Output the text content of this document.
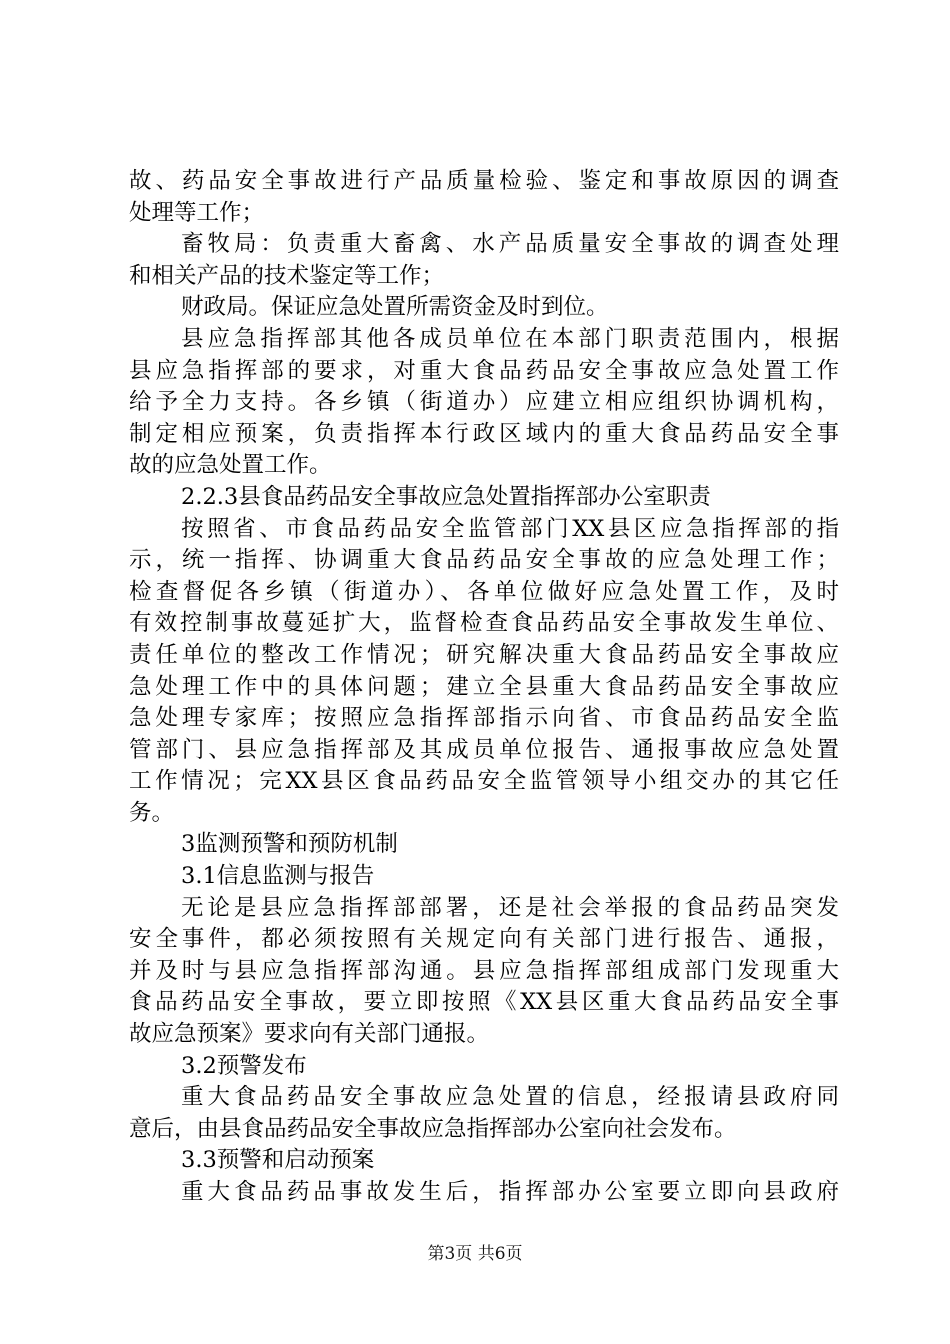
故、药品安全事故进行产品质量检验、鉴定和事故原因的调查
处理等工作；
畜牧局：负责重大畜禽、水产品质量安全事故的调查处理
和相关产品的技术鉴定等工作；
财政局。保证应急处置所需资金及时到位。
县应急指挥部其他各成员单位在本部门职责范围内，根据
县应急指挥部的要求，对重大食品药品安全事故应急处置工作
给予全力支持。各乡镇（街道办）应建立相应组织协调机构，
制定相应预案，负责指挥本行政区域内的重大食品药品安全事
故的应急处置工作。
2.2.3县食品药品安全事故应急处置指挥部办公室职责
按照省、市食品药品安全监管部门XX县区应急指挥部的指
示，统一指挥、协调重大食品药品安全事故的应急处理工作；
检查督促各乡镇（街道办）、各单位做好应急处置工作，及时
有效控制事故蔓延扩大，监督检查食品药品安全事故发生单位、
责任单位的整改工作情况；研究解决重大食品药品安全事故应
急处理工作中的具体问题；建立全县重大食品药品安全事故应
急处理专家库；按照应急指挥部指示向省、市食品药品安全监
管部门、县应急指挥部及其成员单位报告、通报事故应急处置
工作情况；完XX县区食品药品安全监管领导小组交办的其它任
务。
3监测预警和预防机制
3.1信息监测与报告
无论是县应急指挥部部署，还是社会举报的食品药品突发
安全事件，都必须按照有关规定向有关部门进行报告、通报，
并及时与县应急指挥部沟通。县应急指挥部组成部门发现重大
食品药品安全事故，要立即按照《XX县区重大食品药品安全事
故应急预案》要求向有关部门通报。
3.2预警发布
重大食品药品安全事故应急处置的信息，经报请县政府同
意后，由县食品药品安全事故应急指挥部办公室向社会发布。
3.3预警和启动预案
重大食品药品事故发生后，指挥部办公室要立即向县政府
第3页 共6页
